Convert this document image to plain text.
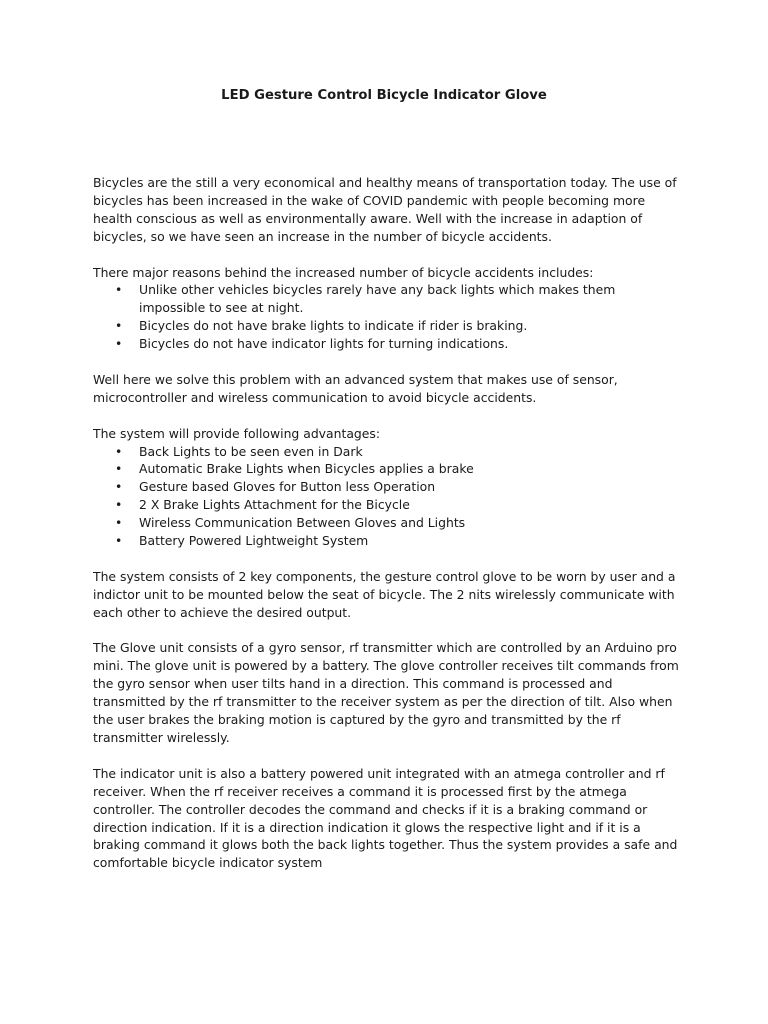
LED Gesture Control Bicycle Indicator Glove

Bicycles are the still a very economical and healthy means of transportation today. The use of bicycles has been increased in the wake of COVID pandemic with people becoming more health conscious as well as environmentally aware. Well with the increase in adaption of bicycles, so we have seen an increase in the number of bicycle accidents.

There major reasons behind the increased number of bicycle accidents includes:

• Unlike other vehicles bicycles rarely have any back lights which makes them impossible to see at night.
• Bicycles do not have brake lights to indicate if rider is braking.
• Bicycles do not have indicator lights for turning indications.

Well here we solve this problem with an advanced system that makes use of sensor, microcontroller and wireless communication to avoid bicycle accidents.

The system will provide following advantages:

• Back Lights to be seen even in Dark
• Automatic Brake Lights when Bicycles applies a brake
• Gesture based Gloves for Button less Operation
• 2 X Brake Lights Attachment for the Bicycle
• Wireless Communication Between Gloves and Lights
• Battery Powered Lightweight System

The system consists of 2 key components, the gesture control glove to be worn by user and a indictor unit to be mounted below the seat of bicycle. The 2 nits wirelessly communicate with each other to achieve the desired output.

The Glove unit consists of a gyro sensor, rf transmitter which are controlled by an Arduino pro mini. The glove unit is powered by a battery. The glove controller receives tilt commands from the gyro sensor when user tilts hand in a direction. This command is processed and transmitted by the rf transmitter to the receiver system as per the direction of tilt. Also when the user brakes the braking motion is captured by the gyro and transmitted by the rf transmitter wirelessly.

The indicator unit is also a battery powered unit integrated with an atmega controller and rf receiver. When the rf receiver receives a command it is processed first by the atmega controller. The controller decodes the command and checks if it is a braking command or direction indication. If it is a direction indication it glows the respective light and if it is a braking command it glows both the back lights together. Thus the system provides a safe and comfortable bicycle indicator system
